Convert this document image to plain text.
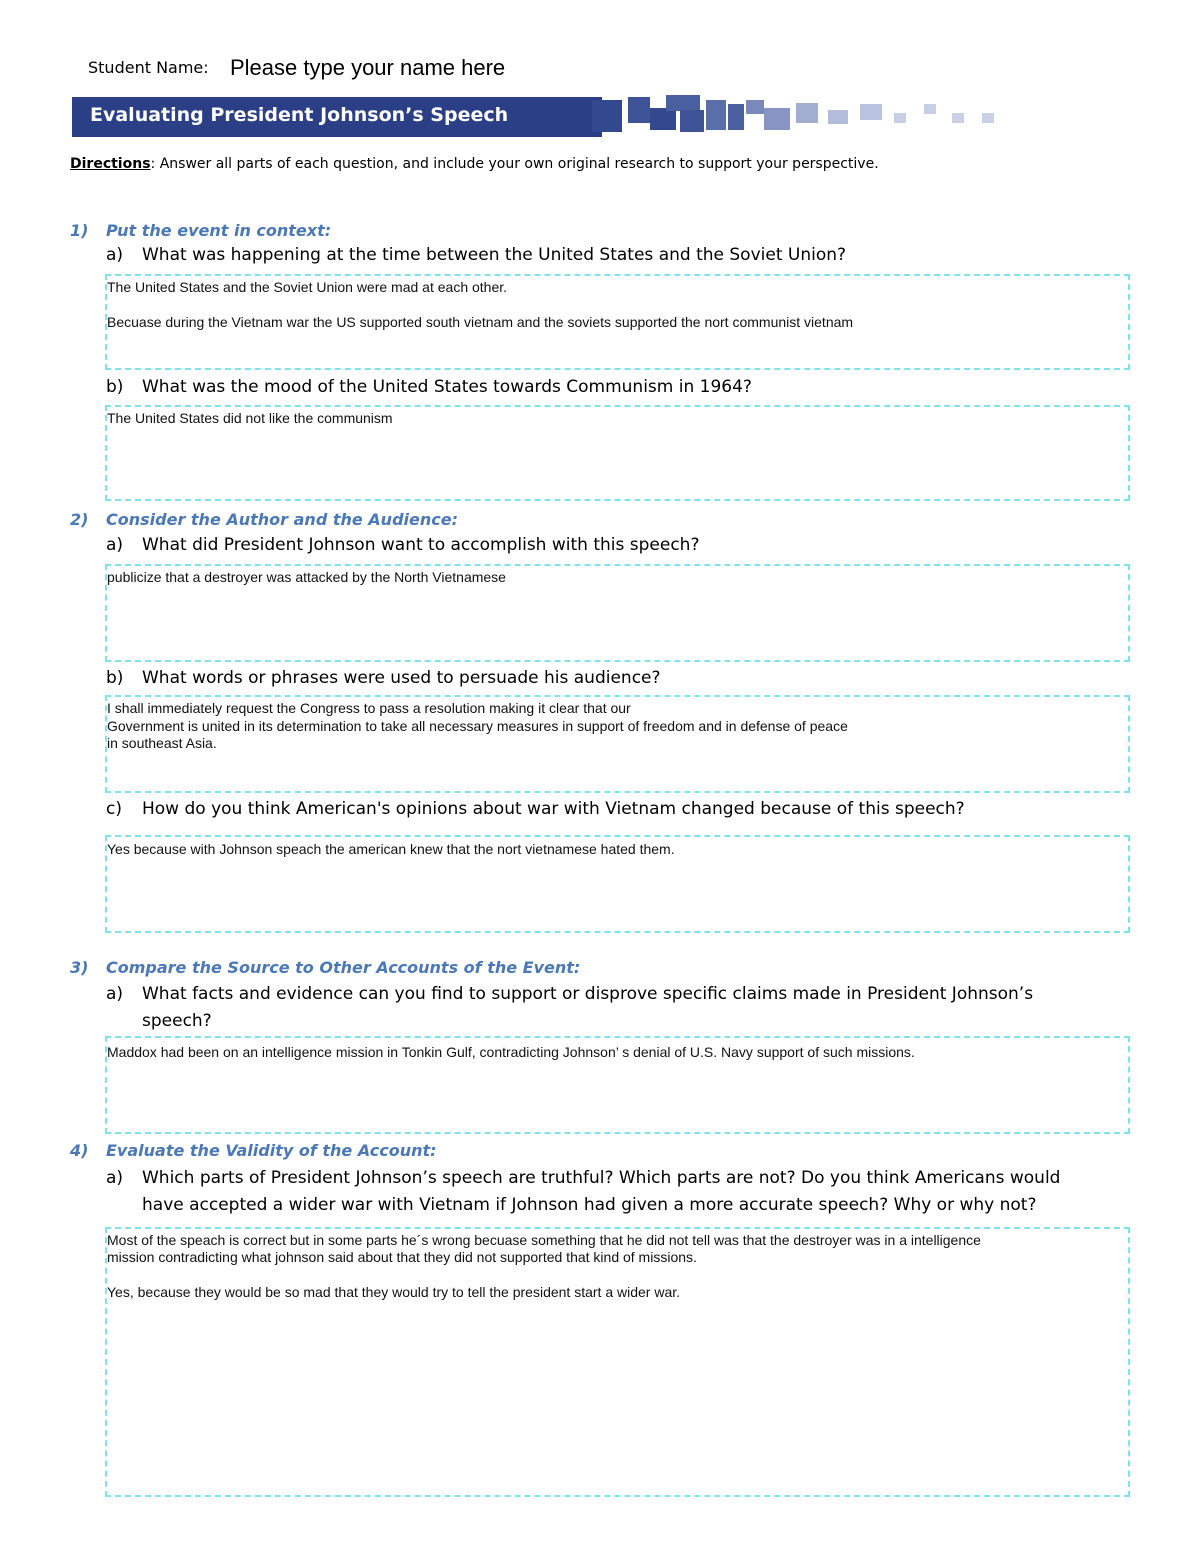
Student Name: Please type your name here
Evaluating President Johnson’s Speech
Directions: Answer all parts of each question, and include your own original research to support your perspective.
1) Put the event in context:
a) What was happening at the time between the United States and the Soviet Union?
The United States and the Soviet Union were mad at each other.
Becuase during the Vietnam war the US supported south vietnam and the soviets supported the nort communist vietnam
b) What was the mood of the United States towards Communism in 1964?
The United States did not like the communism
2) Consider the Author and the Audience:
a) What did President Johnson want to accomplish with this speech?
publicize that a destroyer was attacked by the North Vietnamese
b) What words or phrases were used to persuade his audience?
I shall immediately request the Congress to pass a resolution making it clear that our
Government is united in its determination to take all necessary measures in support of freedom and in defense of peace
in southeast Asia.
c) How do you think American's opinions about war with Vietnam changed because of this speech?
Yes because with Johnson speach the american knew that the nort vietnamese hated them.
3) Compare the Source to Other Accounts of the Event:
a) What facts and evidence can you find to support or disprove specific claims made in President Johnson’s
speech?
Maddox had been on an intelligence mission in Tonkin Gulf, contradicting Johnson’ s denial of U.S. Navy support of such missions.
4) Evaluate the Validity of the Account:
a) Which parts of President Johnson’s speech are truthful? Which parts are not? Do you think Americans would
have accepted a wider war with Vietnam if Johnson had given a more accurate speech? Why or why not?
Most of the speach is correct but in some parts he´s wrong becuase something that he did not tell was that the destroyer was in a intelligence
mission contradicting what johnson said about that they did not supported that kind of missions.
Yes, because they would be so mad that they would try to tell the president start a wider war.
